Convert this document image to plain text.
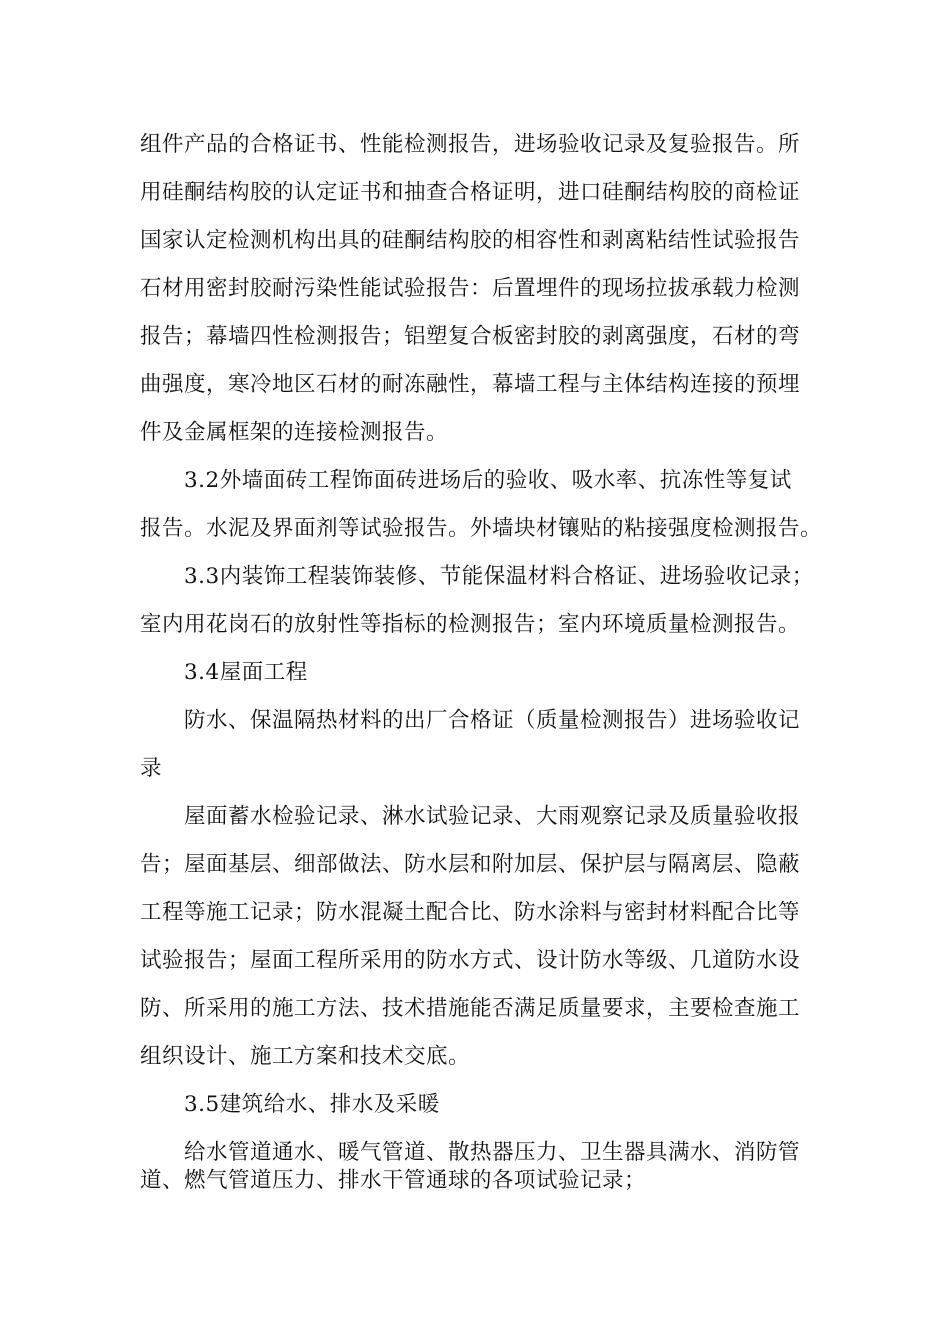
组件产品的合格证书、性能检测报告，进场验收记录及复验报告。所
用硅酮结构胶的认定证书和抽查合格证明，进口硅酮结构胶的商检证
国家认定检测机构出具的硅酮结构胶的相容性和剥离粘结性试验报告
石材用密封胶耐污染性能试验报告：后置埋件的现场拉拔承载力检测
报告；幕墙四性检测报告；铝塑复合板密封胶的剥离强度，石材的弯
曲强度，寒冷地区石材的耐冻融性，幕墙工程与主体结构连接的预埋
件及金属框架的连接检测报告。
3.2外墙面砖工程饰面砖进场后的验收、吸水率、抗冻性等复试
报告。水泥及界面剂等试验报告。外墙块材镶贴的粘接强度检测报告。
3.3内装饰工程装饰装修、节能保温材料合格证、进场验收记录；
室内用花岗石的放射性等指标的检测报告；室内环境质量检测报告。
3.4屋面工程
防水、保温隔热材料的出厂合格证（质量检测报告）进场验收记
录
屋面蓄水检验记录、淋水试验记录、大雨观察记录及质量验收报
告；屋面基层、细部做法、防水层和附加层、保护层与隔离层、隐蔽
工程等施工记录；防水混凝土配合比、防水涂料与密封材料配合比等
试验报告；屋面工程所采用的防水方式、设计防水等级、几道防水设
防、所采用的施工方法、技术措施能否满足质量要求，主要检查施工
组织设计、施工方案和技术交底。
3.5建筑给水、排水及采暖
给水管道通水、暖气管道、散热器压力、卫生器具满水、消防管
道、燃气管道压力、排水干管通球的各项试验记录；
